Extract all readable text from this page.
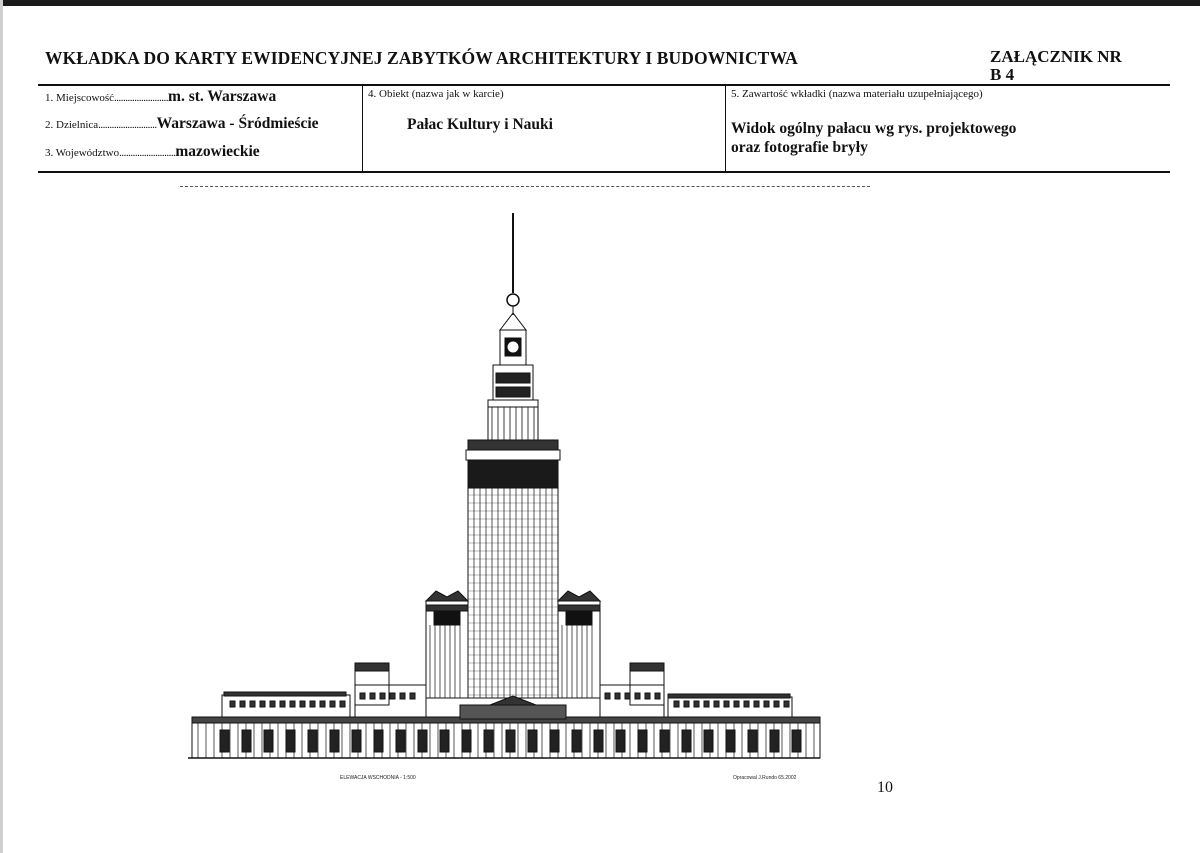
WKŁADKA DO KARTY EWIDENCYJNEJ ZABYTKÓW ARCHITEKTURY I BUDOWNICTWA	ZAŁĄCZNIK NR
B 4
1. Miejscowość........................m. st. Warszawa
2. Dzielnica..........................Warszawa - Śródmieście
3. Województwo.........................mazowieckie
4. Obiekt (nazwa jak w karcie)
Pałac Kultury i Nauki
5. Zawartość wkładki (nazwa materiału uzupełniającego)
Widok ogólny pałacu wg rys. projektowego
oraz fotografie bryły
ELEWACJA WSCHODNIA - 1:500	Opracowal J.Rundo 65.2002
10
